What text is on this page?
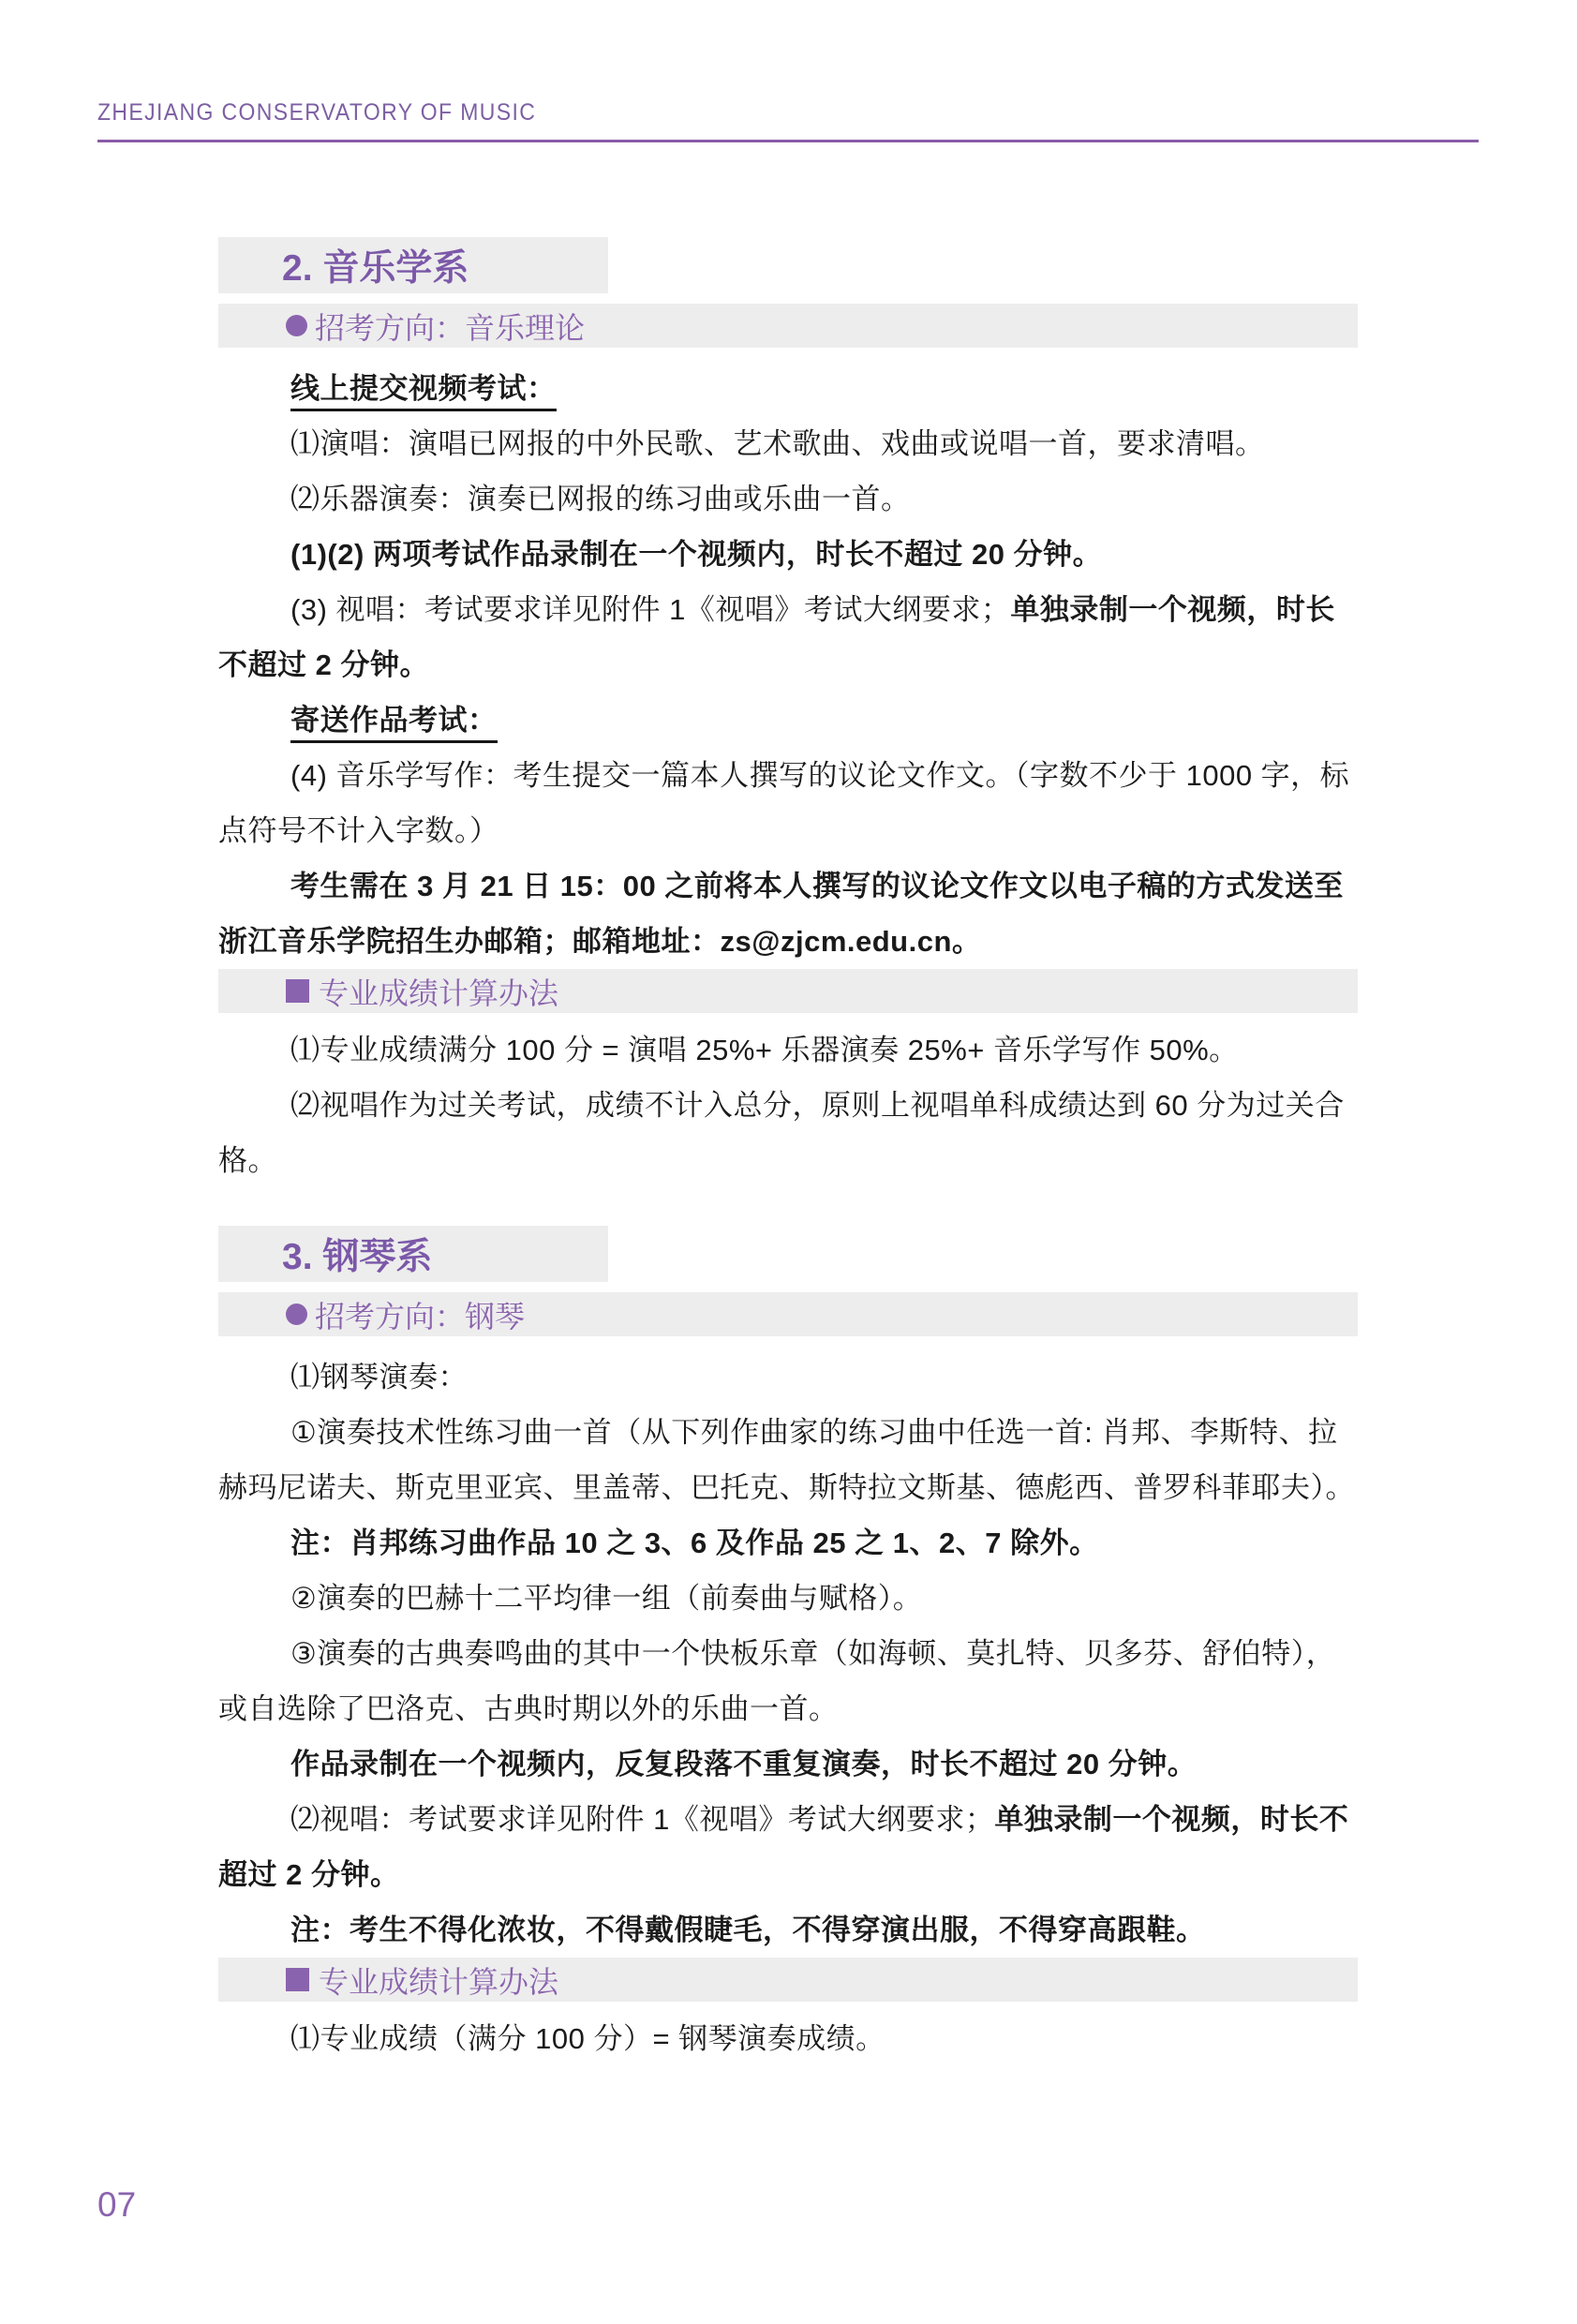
ZHEJIANG CONSERVATORY OF MUSIC
2. 音乐学系
招考方向：音乐理论

线上提交视频考试：

⑴演唱：演唱已网报的中外民歌、艺术歌曲、戏曲或说唱一首，要求清唱。

⑵乐器演奏：演奏已网报的练习曲或乐曲一首。

(1)(2) 两项考试作品录制在一个视频内，时长不超过 20 分钟。

(3) 视唱：考试要求详见附件 1《视唱》考试大纲要求；单独录制一个视频，时长不超过 2 分钟。

寄送作品考试：

(4) 音乐学写作：考生提交一篇本人撰写的议论文作文。（字数不少于 1000 字，标点符号不计入字数。）

考生需在 3 月 21 日 15：00 之前将本人撰写的议论文作文以电子稿的方式发送至浙江音乐学院招生办邮箱；邮箱地址：zs@zjcm.edu.cn。

专业成绩计算办法

⑴专业成绩满分 100 分 = 演唱 25%+ 乐器演奏 25%+ 音乐学写作 50%。

⑵视唱作为过关考试，成绩不计入总分，原则上视唱单科成绩达到 60 分为过关合格。

3. 钢琴系
招考方向：钢琴

⑴钢琴演奏：

①演奏技术性练习曲一首（从下列作曲家的练习曲中任选一首: 肖邦、李斯特、拉赫玛尼诺夫、斯克里亚宾、里盖蒂、巴托克、斯特拉文斯基、德彪西、普罗科菲耶夫）。

注：肖邦练习曲作品 10 之 3、6 及作品 25 之 1、2、7 除外。

②演奏的巴赫十二平均律一组（前奏曲与赋格）。

③演奏的古典奏鸣曲的其中一个快板乐章（如海顿、莫扎特、贝多芬、舒伯特），或自选除了巴洛克、古典时期以外的乐曲一首。

作品录制在一个视频内，反复段落不重复演奏，时长不超过 20 分钟。

⑵视唱：考试要求详见附件 1《视唱》考试大纲要求；单独录制一个视频，时长不超过 2 分钟。

注：考生不得化浓妆，不得戴假睫毛，不得穿演出服，不得穿高跟鞋。

专业成绩计算办法

⑴专业成绩（满分 100 分）= 钢琴演奏成绩。

07
